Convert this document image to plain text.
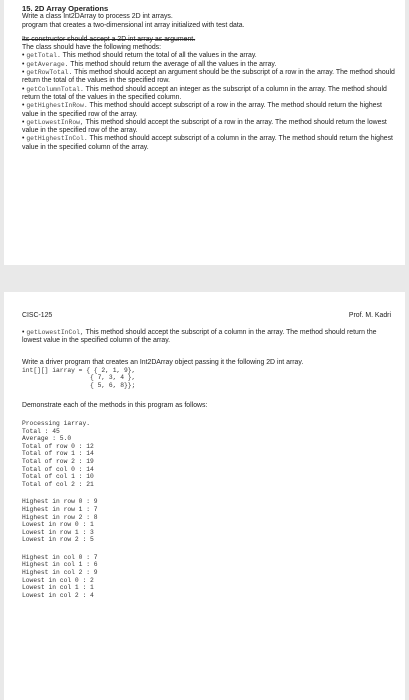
15. 2D Array Operations

Write a class Int2DArray to process 2D int arrays.

program that creates a two-dimensional int array initialized with test data.

Its constructor should accept a 2D int array as argument.

The class should have the following methods:

• getTotal. This method should return the total of all the values in the array.

• getAverage. This method should return the average of all the values in the array.

• getRowTotal. This method should accept an argument should be the subscript of a row in the array. The method should return the total of the values in the specified row.

• getColumnTotal. This method should accept an integer as the subscript of a column in the array. The method should return the total of the values in the specified column.

• getHighestInRow. This method should accept subscript of a row in the array. The method should return the highest value in the specified row of the array.

• getLowestInRow, This method should accept the subscript of a row in the array. The method should return the lowest value in the specified row of the array.

• getHighestInCol. This method should accept subscript of a column in the array. The method should return the highest value in the specified column of the array.

CISC-125	Prof. M. Kadri

• getLowestInCol, This method should accept the subscript of a column in the array. The method should return the lowest value in the specified column of the array.

Write a driver program that creates an Int2DArray object passing it the following 2D int array.

int[][] iarray = { { 2, 1, 9},
{ 7, 3, 4 },
{ 5, 6, 8}};

Demonstrate each of the methods in this program as follows:

Processing iarray.
Total : 45
Average : 5.0
Total of row 0 : 12
Total of row 1 : 14
Total of row 2 : 19
Total of col 0 : 14
Total of col 1 : 10
Total of col 2 : 21
Highest in row 0 : 9
Highest in row 1 : 7
Highest in row 2 : 8
Lowest in row 0 : 1
Lowest in row 1 : 3
Lowest in row 2 : 5
Highest in col 0 : 7
Highest in col 1 : 6
Highest in col 2 : 9
Lowest in col 0 : 2
Lowest in col 1 : 1
Lowest in col 2 : 4
